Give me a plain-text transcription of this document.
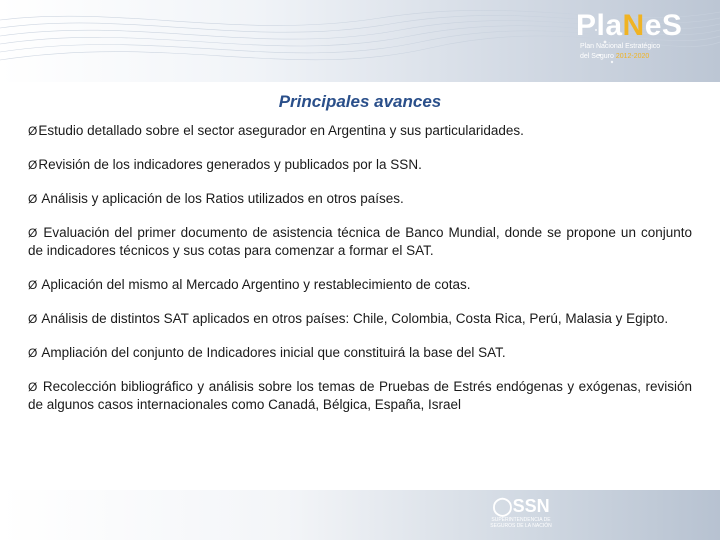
PlaNeS
Plan Nacional Estratégico
del Seguro 2012-2020
Principales avances

ØEstudio detallado sobre el sector asegurador en Argentina y sus particularidades.

ØRevisión de los indicadores generados y publicados por la SSN.

Ø Análisis y aplicación de los Ratios utilizados en otros países.

Ø Evaluación del primer documento de asistencia técnica de Banco Mundial, donde se propone un conjunto de indicadores técnicos y sus cotas para comenzar a formar el SAT.

Ø Aplicación del mismo al Mercado Argentino y restablecimiento de cotas.

Ø Análisis de distintos SAT aplicados en otros países: Chile, Colombia, Costa Rica, Perú, Malasia y Egipto.

Ø Ampliación del conjunto de Indicadores inicial que constituirá la base del SAT.

Ø Recolección bibliográfico y análisis sobre los temas de Pruebas de Estrés endógenas y exógenas, revisión de algunos casos internacionales como Canadá, Bélgica, España, Israel

◯SSN
SUPERINTENDENCIA DE
SEGUROS DE LA NACIÓN
